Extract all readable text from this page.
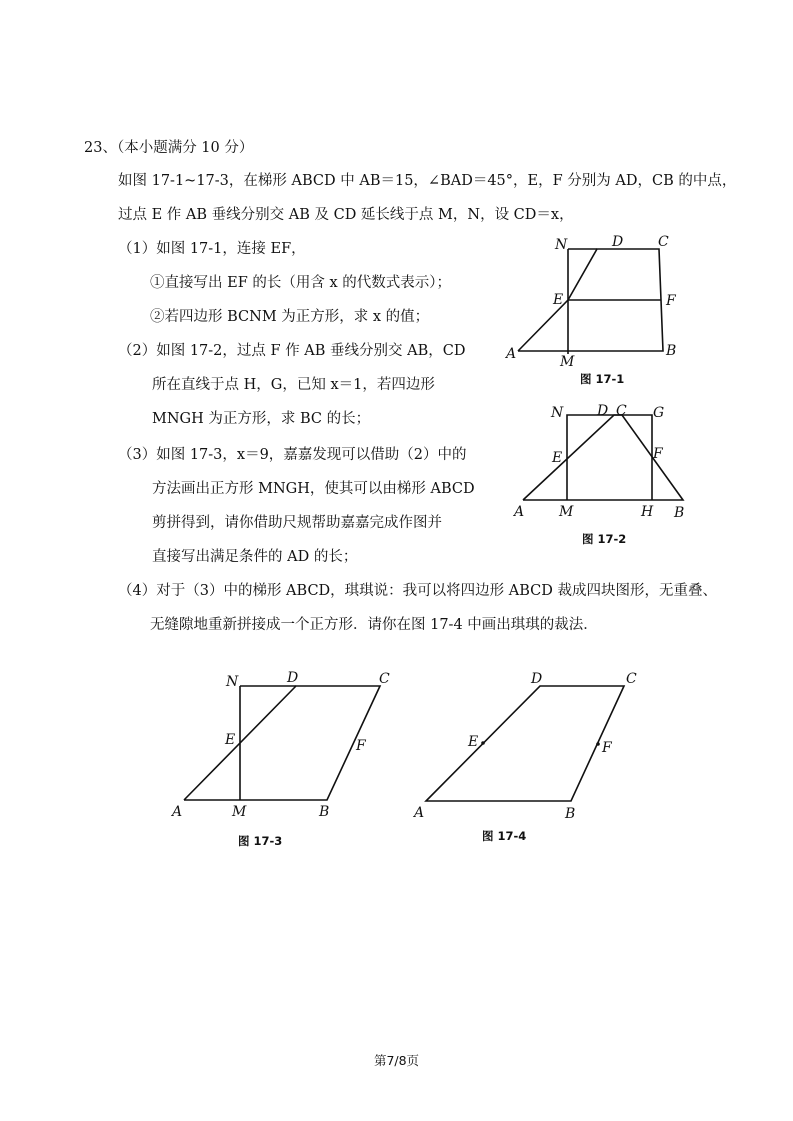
23、（本小题满分 10 分）
如图 17-1~17-3，在梯形 ABCD 中 AB＝15，∠BAD＝45°，E，F 分别为 AD，CB 的中点，
过点 E 作 AB 垂线分别交 AB 及 CD 延长线于点 M，N，设 CD＝x，
（1）如图 17-1，连接 EF，
①直接写出 EF 的长（用含 x 的代数式表示）；
②若四边形 BCNM 为正方形，求 x 的值；
（2）如图 17-2，过点 F 作 AB 垂线分别交 AB，CD
所在直线于点 H，G，已知 x＝1，若四边形
MNGH 为正方形，求 BC 的长；
（3）如图 17-3，x＝9，嘉嘉发现可以借助（2）中的
方法画出正方形 MNGH，使其可以由梯形 ABCD
剪拼得到，请你借助尺规帮助嘉嘉完成作图并
直接写出满足条件的 AD 的长；
（4）对于（3）中的梯形 ABCD，琪琪说：我可以将四边形 ABCD 裁成四块图形，无重叠、
无缝隙地重新拼接成一个正方形．请你在图 17-4 中画出琪琪的裁法．
N	D C
E	F
A	M
B
图 17-1
N D C G
E	F
A M	H B
图 17-2
N	D	C
E	F
A	M	B
图 17-3
D	C
E	F
A	B
图 17-4
第7/8页
